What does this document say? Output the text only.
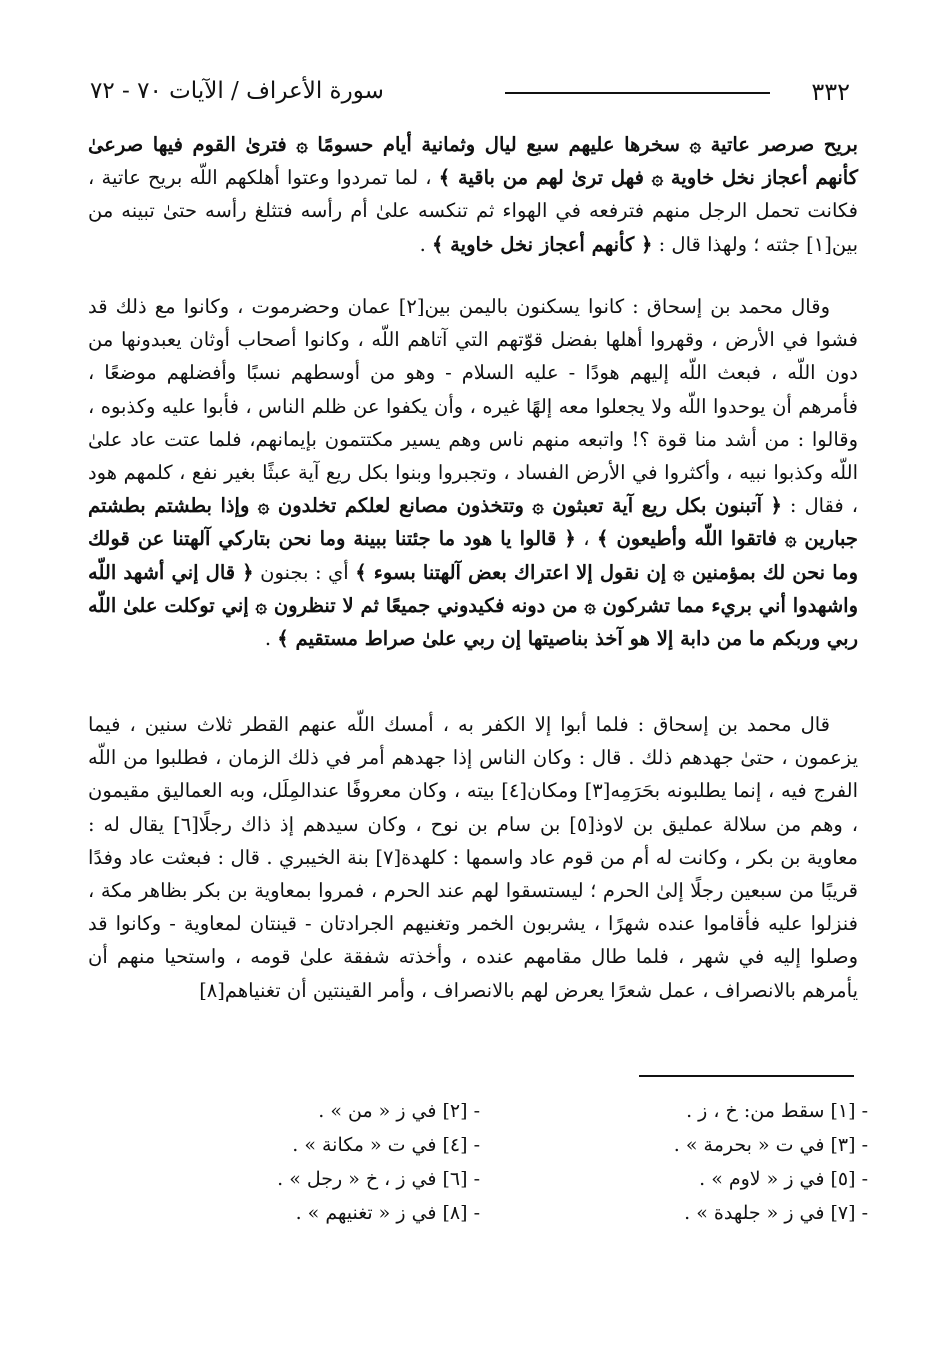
٣٣٢
سورة الأعراف / الآيات ٧٠ - ٧٢

بريح صرصر عاتية ۞ سخرها عليهم سبع ليال وثمانية أيام حسومًا ۞ فترىٰ القوم فيها صرعىٰ كأنهم أعجاز نخل خاوية ۞ فهل ترىٰ لهم من باقية ﴾ ، لما تمردوا وعتوا أهلكهم اللّه بريح عاتية ، فكانت تحمل الرجل منهم فترفعه في الهواء ثم تنكسه علىٰ أم رأسه فتثلغ رأسه حتىٰ تبينه من بين[١] جثته ؛ ولهذا قال : ﴿ كأنهم أعجاز نخل خاوية ﴾ .

وقال محمد بن إسحاق : كانوا يسكنون باليمن بين[٢] عمان وحضرموت ، وكانوا مع ذلك قد فشوا في الأرض ، وقهروا أهلها بفضل قوّتهم التي آتاهم اللّه ، وكانوا أصحاب أوثان يعبدونها من دون اللّه ، فبعث اللّه إليهم هودًا - عليه السلام - وهو من أوسطهم نسبًا وأفضلهم موضعًا ، فأمرهم أن يوحدوا اللّه ولا يجعلوا معه إلهًا غيره ، وأن يكفوا عن ظلم الناس ، فأبوا عليه وكذبوه ، وقالوا : من أشد منا قوة ؟! واتبعه منهم ناس وهم يسير مكتتمون بإيمانهم، فلما عتت عاد علىٰ اللّه وكذبوا نبيه ، وأكثروا في الأرض الفساد ، وتجبروا وبنوا بكل ريع آية عبثًا بغير نفع ، كلمهم هود ، فقال : ﴿ آتبنون بكل ريع آية تعبثون ۞ وتتخذون مصانع لعلكم تخلدون ۞ وإذا بطشتم بطشتم جبارين ۞ فاتقوا اللّه وأطيعون ﴾ ، ﴿ قالوا يا هود ما جئتنا ببينة وما نحن بتاركي آلهتنا عن قولك وما نحن لك بمؤمنين ۞ إن نقول إلا اعتراك بعض آلهتنا بسوء ﴾ أي : بجنون ﴿ قال إني أشهد اللّه واشهدوا أني بريء مما تشركون ۞ من دونه فكيدوني جميعًا ثم لا تنظرون ۞ إني توكلت علىٰ اللّه ربي وربكم ما من دابة إلا هو آخذ بناصيتها إن ربي علىٰ صراط مستقيم ﴾ .

قال محمد بن إسحاق : فلما أبوا إلا الكفر به ، أمسك اللّه عنهم القطر ثلاث سنين ، فيما يزعمون ، حتىٰ جهدهم ذلك . قال : وكان الناس إذا جهدهم أمر في ذلك الزمان ، فطلبوا من اللّه الفرج فيه ، إنما يطلبونه بحَرَمِه[٣] ومكان[٤] بيته ، وكان معروفًا عندالمِلَل، وبه العماليق مقيمون ، وهم من سلالة عمليق بن لاوذ[٥] بن سام بن نوح ، وكان سيدهم إذ ذاك رجلًا[٦] يقال له : معاوية بن بكر ، وكانت له أم من قوم عاد واسمها : كلهدة[٧] بنة الخيبري . قال : فبعثت عاد وفدًا قريبًا من سبعين رجلًا إلىٰ الحرم ؛ ليستسقوا لهم عند الحرم ، فمروا بمعاوية بن بكر بظاهر مكة ، فنزلوا عليه فأقاموا عنده شهرًا ، يشربون الخمر وتغنيهم الجرادتان - قينتان لمعاوية - وكانوا قد وصلوا إليه في شهر ، فلما طال مقامهم عنده ، وأخذته شفقة علىٰ قومه ، واستحيا منهم أن يأمرهم بالانصراف ، عمل شعرًا يعرض لهم بالانصراف ، وأمر القينتين أن تغنياهم[٨]

[١] -سقط من: خ ، ز .
[٢] -في ز « من » .
[٣] -في ت « بحرمة » .
[٤] -في ت « مكانة » .
[٥] -في ز « لاوم » .
[٦] -في ز ، خ « رجل » .
[٧] -في ز « جلهدة » .
[٨] -في ز « تغنيهم » .
